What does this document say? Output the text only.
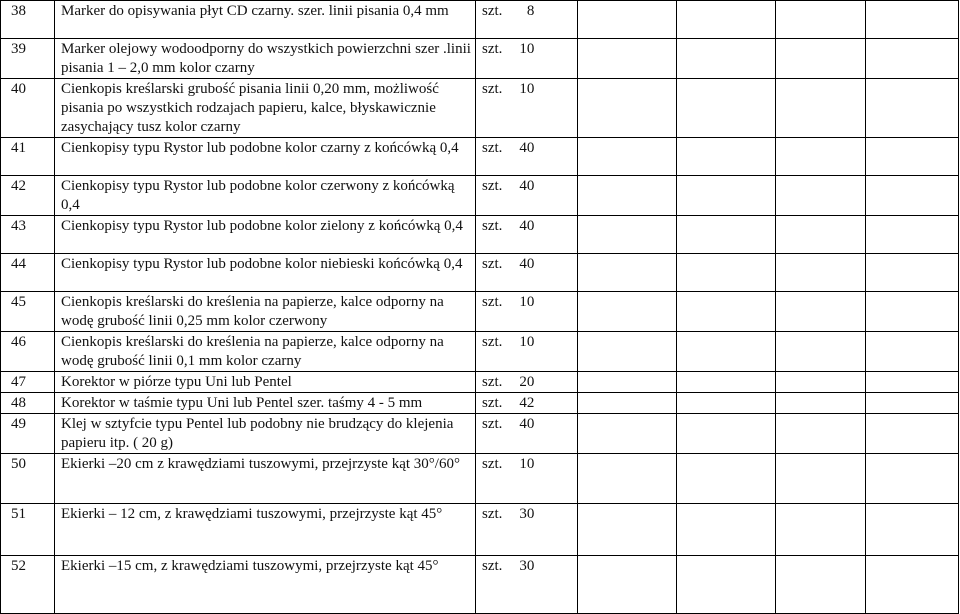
38	Marker do opisywania płyt CD czarny. szer. linii pisania 0,4 mm	szt. 8				
39	Marker olejowy wodoodporny do wszystkich powierzchni szer .linii pisania 1 – 2,0 mm kolor czarny	szt. 10				
40	Cienkopis kreślarski grubość pisania linii 0,20 mm, możliwość pisania po wszystkich rodzajach papieru, kalce, błyskawicznie zasychający tusz kolor czarny	szt. 10				
41	Cienkopisy typu Rystor lub podobne kolor czarny z końcówką 0,4	szt. 40				
42	Cienkopisy typu Rystor lub podobne kolor czerwony z końcówką 0,4	szt. 40				
43	Cienkopisy typu Rystor lub podobne kolor zielony z końcówką 0,4	szt. 40				
44	Cienkopisy typu Rystor lub podobne kolor niebieski końcówką 0,4	szt. 40				
45	Cienkopis kreślarski do kreślenia na papierze, kalce odporny na wodę grubość linii 0,25 mm kolor czerwony	szt. 10				
46	Cienkopis kreślarski do kreślenia na papierze, kalce odporny na wodę grubość linii 0,1 mm kolor czarny	szt. 10				
47	Korektor w piórze typu Uni lub Pentel	szt. 20				
48	Korektor w taśmie typu Uni lub Pentel szer. taśmy 4 - 5 mm	szt. 42				
49	Klej w sztyfcie typu Pentel lub podobny nie brudzący do klejenia papieru itp. ( 20 g)	szt. 40				
50	Ekierki –20 cm z krawędziami tuszowymi, przejrzyste kąt 30°/60°	szt. 10				
51	Ekierki – 12 cm, z krawędziami tuszowymi, przejrzyste kąt 45°	szt. 30				
52	Ekierki –15 cm, z krawędziami tuszowymi, przejrzyste kąt 45°	szt. 30				
